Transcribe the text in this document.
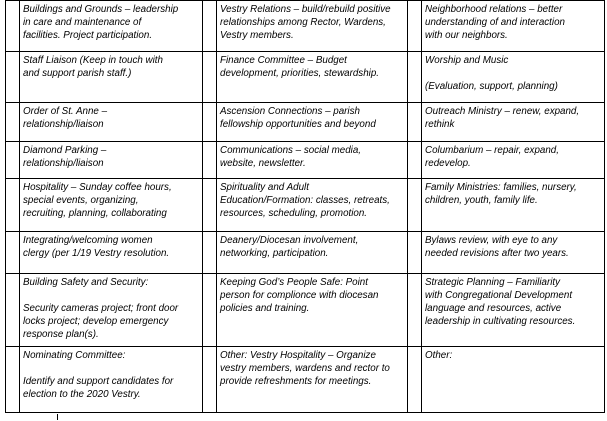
	Buildings and Grounds – leadership
in care and maintenance of
facilities. Project participation.		Vestry Relations – build/rebuild positive
relationships among Rector, Wardens,
Vestry members.		Neighborhood relations – better
understanding of and interaction
with our neighbors.

	Staff Liaison (Keep in touch with
and support parish staff.)		Finance Committee – Budget
development, priorities, stewardship.		Worship and Music

(Evaluation, support, planning)

	Order of St. Anne –
relationship/liaison		Ascension Connections – parish
fellowship opportunities and beyond		Outreach Ministry – renew, expand,
rethink

	Diamond Parking –
relationship/liaison		Communications – social media,
website, newsletter.		Columbarium – repair, expand,
redevelop.

	Hospitality – Sunday coffee hours,
special events, organizing,
recruiting, planning, collaborating		Spirituality and Adult
Education/Formation: classes, retreats,
resources, scheduling, promotion.		Family Ministries: families, nursery,
children, youth, family life.

	Integrating/welcoming women
clergy (per 1/19 Vestry resolution.		Deanery/Diocesan involvement,
networking, participation.		Bylaws review, with eye to any
needed revisions after two years.

	Building Safety and Security:

Security cameras project; front door
locks project; develop emergency
response plan(s).		Keeping God’s People Safe: Point
person for complionce with diocesan
policies and training.		Strategic Planning – Familiarity
with Congregational Development
language and resources, active
leadership in cultivating resources.

	Nominating Committee:

Identify and support candidates for
election to the 2020 Vestry.		Other: Vestry Hospitality – Organize
vestry members, wardens and rector to
provide refreshments for meetings.		Other:
